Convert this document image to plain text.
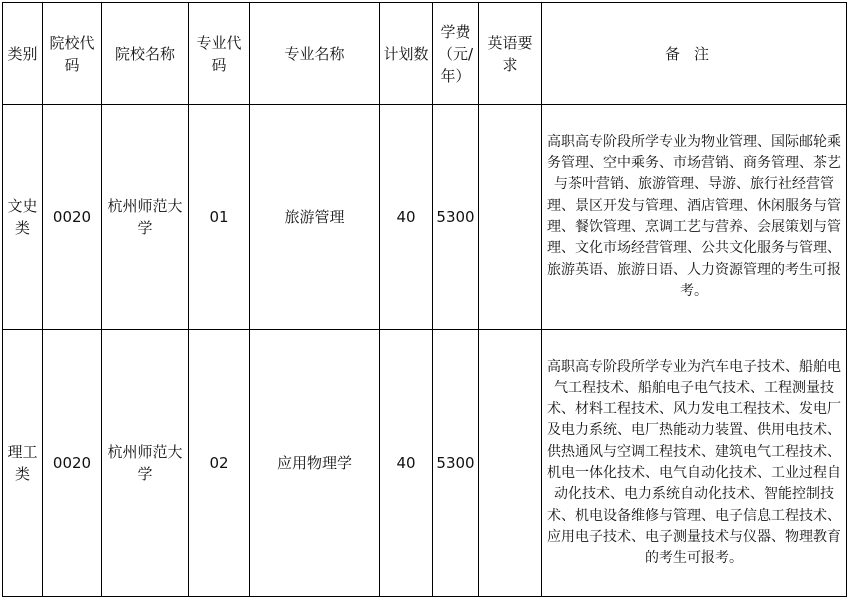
类别	院校代码	院校名称	专业代码	专业名称	计划数	学费（元/年）	英语要求	备注
文史类	0020	杭州师范大学	01	旅游管理	40	5300		高职高专阶段所学专业为物业管理、国际邮轮乘务管理、空中乘务、市场营销、商务管理、茶艺与茶叶营销、旅游管理、导游、旅行社经营管理、景区开发与管理、酒店管理、休闲服务与管理、餐饮管理、烹调工艺与营养、会展策划与管理、文化市场经营管理、公共文化服务与管理、旅游英语、旅游日语、人力资源管理的考生可报考。
理工类	0020	杭州师范大学	02	应用物理学	40	5300		高职高专阶段所学专业为汽车电子技术、船舶电气工程技术、船舶电子电气技术、工程测量技术、材料工程技术、风力发电工程技术、发电厂及电力系统、电厂热能动力装置、供用电技术、供热通风与空调工程技术、建筑电气工程技术、机电一体化技术、电气自动化技术、工业过程自动化技术、电力系统自动化技术、智能控制技术、机电设备维修与管理、电子信息工程技术、应用电子技术、电子测量技术与仪器、物理教育的考生可报考。
